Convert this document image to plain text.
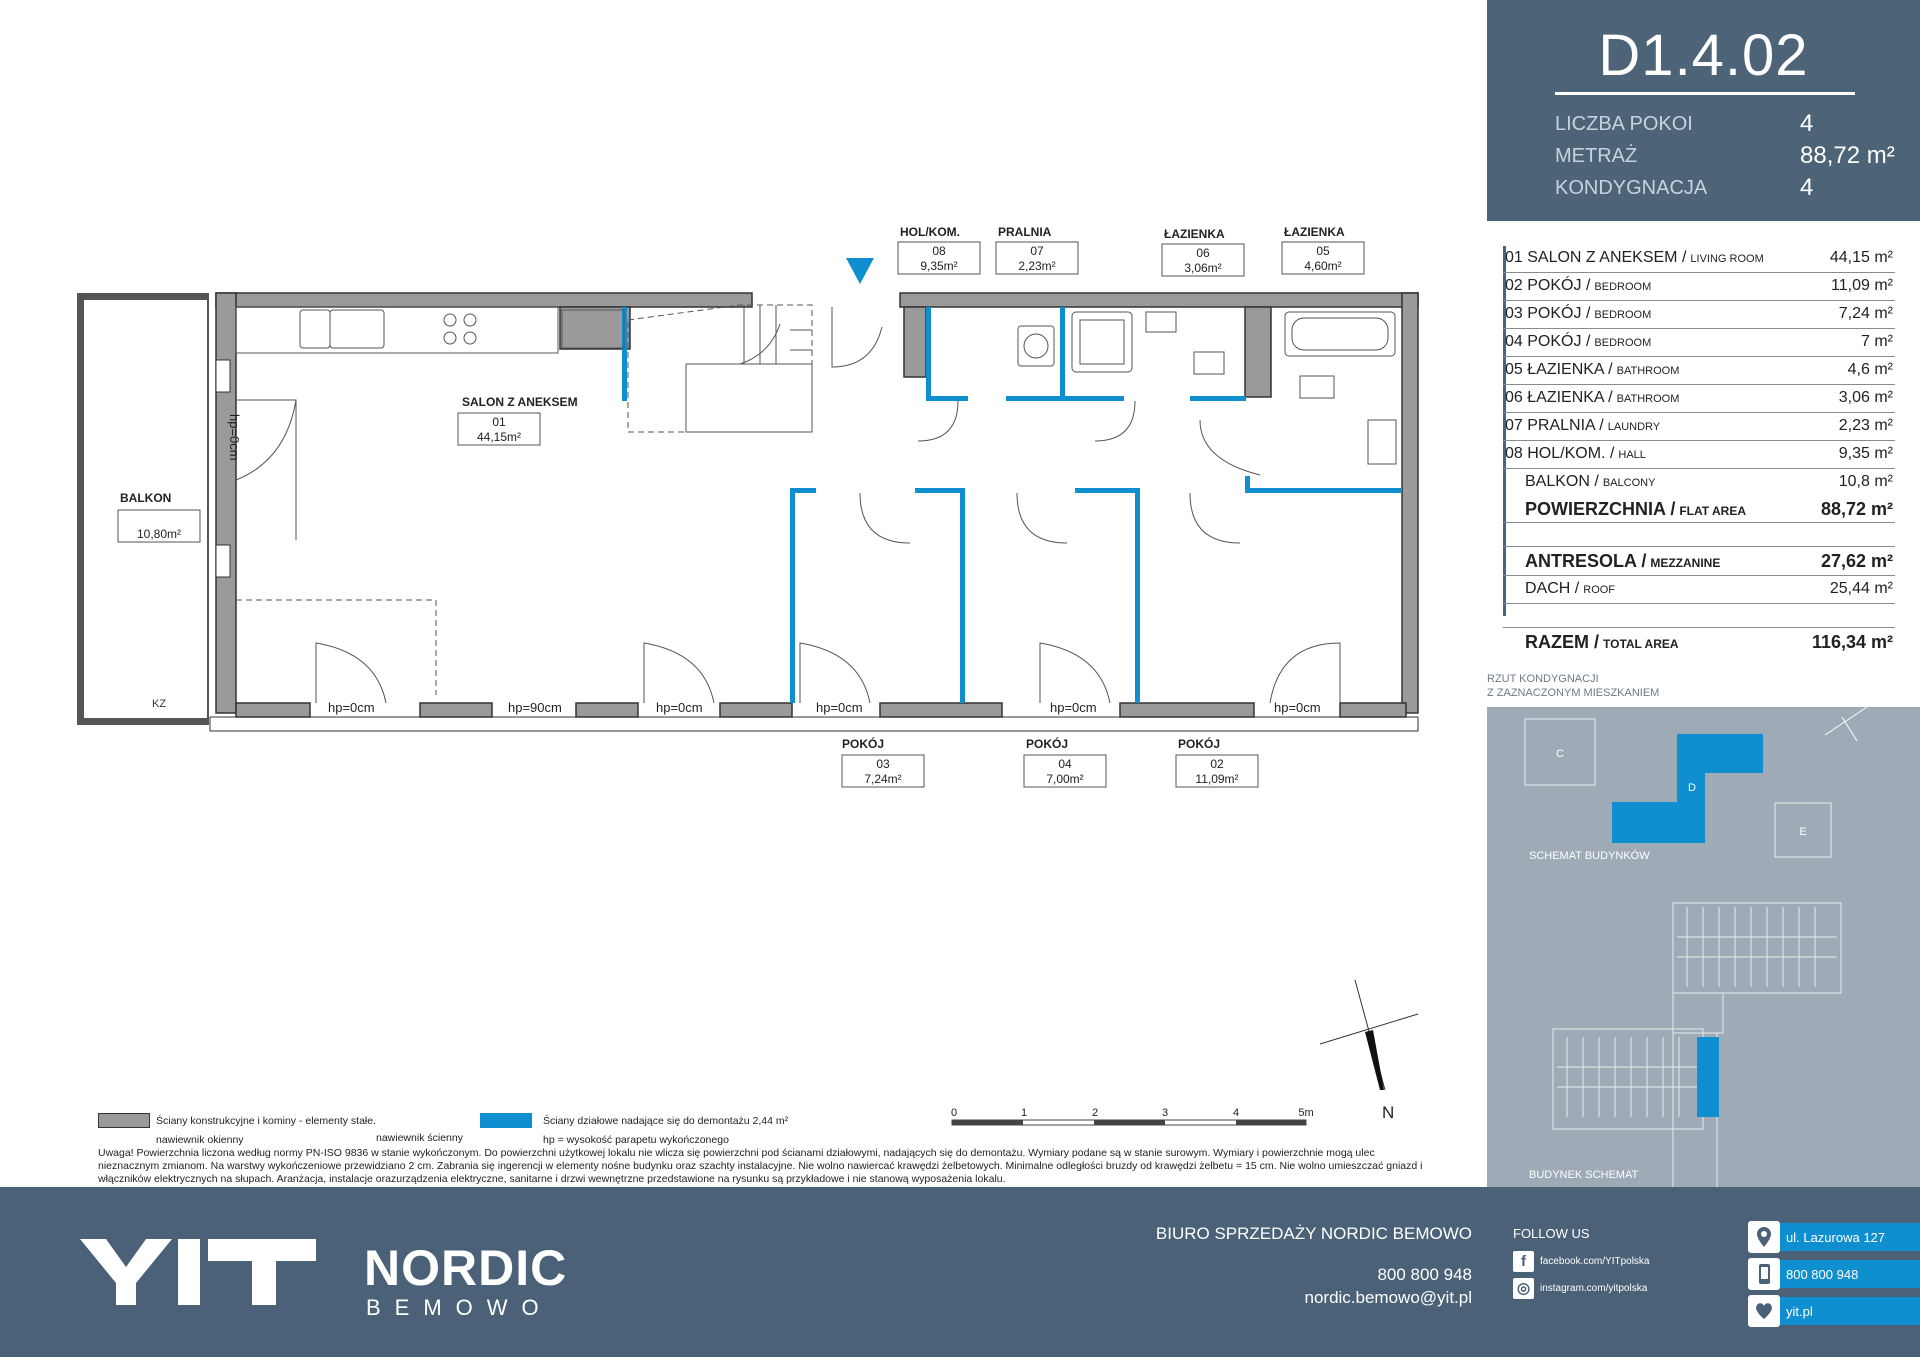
KZ
SALON Z ANEKSEM
BALKON
HOL/KOM.	PRALNIA	ŁAZIENKA	ŁAZIENKA
POKÓJ	POKÓJ	POKÓJ
01
44,15m²
10,80m²
08
9,35m²
07
2,23m²
06
3,06m²
05
4,60m²
03
7,24m²
04
7,00m²
02
11,09m²
hp=0cm
hp=0cm	hp=90cm	hp=0cm	hp=0cm	hp=0cm	hp=0cm
0	1	2	3	4	5m	N
Ściany konstrukcyjne i kominy - elementy stałe.	Ściany działowe nadające się do demontażu 2,44 m²
nawiewnik okienny	nawiewnik ścienny	hp = wysokość parapetu wykończonego
Uwaga! Powierzchnia liczona według normy PN-ISO 9836 w stanie wykończonym. Do powierzchni użytkowej lokalu nie wlicza się powierzchni pod ścianami działowymi, nadających się do demontażu. Wymiary podane są w stanie surowym. Wymiary i powierzchnie mogą ulec nieznacznym zmianom. Na warstwy wykończeniowe przewidziano 2 cm. Zabrania się ingerencji w elementy nośne budynku oraz szachty instalacyjne. Nie wolno nawiercać krawędzi żelbetowych. Minimalne odległości bruzdy od krawędzi żelbetu = 15 cm. Nie wolno umieszczać gniazd i włączników elektrycznych na słupach. Aranżacja, instalacje orazurządzenia elektryczne, sanitarne i drzwi wewnętrzne przedstawione na rysunku są przykładowe i nie stanową wyposażenia lokalu.
D1.4.02
LICZBA POKOI	4
METRAŻ	88,72 m²
KONDYGNACJA	4
01 SALON Z ANEKSEM / LIVING ROOM	44,15 m²
02 POKÓJ / BEDROOM	11,09 m²
03 POKÓJ / BEDROOM	7,24 m²
04 POKÓJ / BEDROOM	7 m²
05 ŁAZIENKA / BATHROOM	4,6 m²
06 ŁAZIENKA / BATHROOM	3,06 m²
07 PRALNIA / LAUNDRY	2,23 m²
08 HOL/KOM. / HALL	9,35 m²
BALKON / BALCONY	10,8 m²
POWIERZCHNIA / FLAT AREA	88,72 m²
ANTRESOLA / MEZZANINE	27,62 m²
DACH / ROOF	25,44 m²
RAZEM / TOTAL AREA	116,34 m²
RZUT KONDYGNACJI
Z ZAZNACZONYM MIESZKANIEM
C
D
E
SCHEMAT BUDYNKÓW
BUDYNEK SCHEMAT
NORDIC
BEMOWO
BIURO SPRZEDAŻY NORDIC BEMOWO
800 800 948
nordic.bemowo@yit.pl
FOLLOW US
f	facebook.com/YITpolska
◎ instagram.com/yitpolska
ul. Lazurowa 127
800 800 948
yit.pl
